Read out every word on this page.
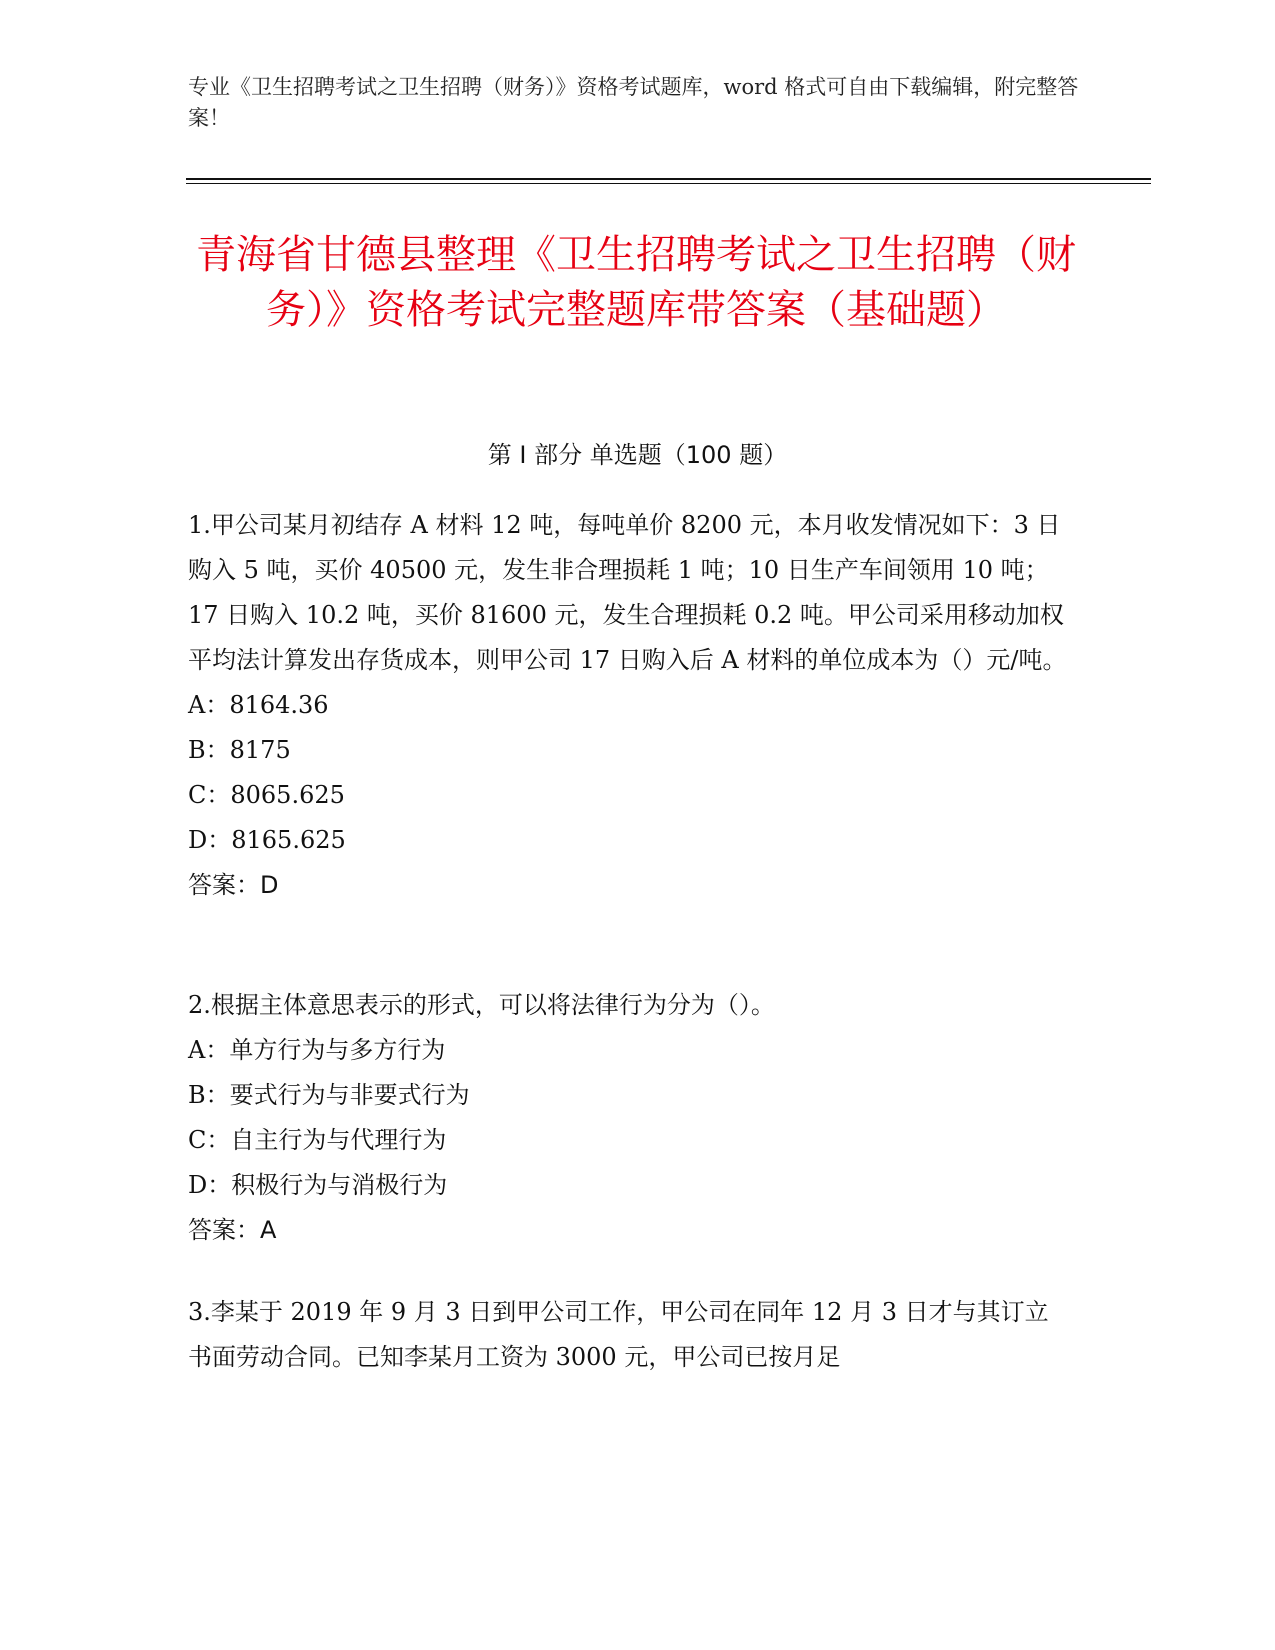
专业《卫生招聘考试之卫生招聘（财务）》资格考试题库，word 格式可自由下载编辑，附完整答案！
青海省甘德县整理《卫生招聘考试之卫生招聘（财务）》资格考试完整题库带答案（基础题）
第 I 部分 单选题（100 题）

1.甲公司某月初结存 A 材料 12 吨，每吨单价 8200 元，本月收发情况如下：3 日购入 5 吨，买价 40500 元，发生非合理损耗 1 吨；10 日生产车间领用 10 吨；17 日购入 10.2 吨，买价 81600 元，发生合理损耗 0.2 吨。甲公司采用移动加权平均法计算发出存货成本，则甲公司 17 日购入后 A 材料的单位成本为（）元/吨。

A：8164.36

B：8175

C：8065.625

D：8165.625

答案：D

2.根据主体意思表示的形式，可以将法律行为分为（）。

A：单方行为与多方行为

B：要式行为与非要式行为

C：自主行为与代理行为

D：积极行为与消极行为

答案：A

3.李某于 2019 年 9 月 3 日到甲公司工作，甲公司在同年 12 月 3 日才与其订立书面劳动合同。已知李某月工资为 3000 元，甲公司已按月足
